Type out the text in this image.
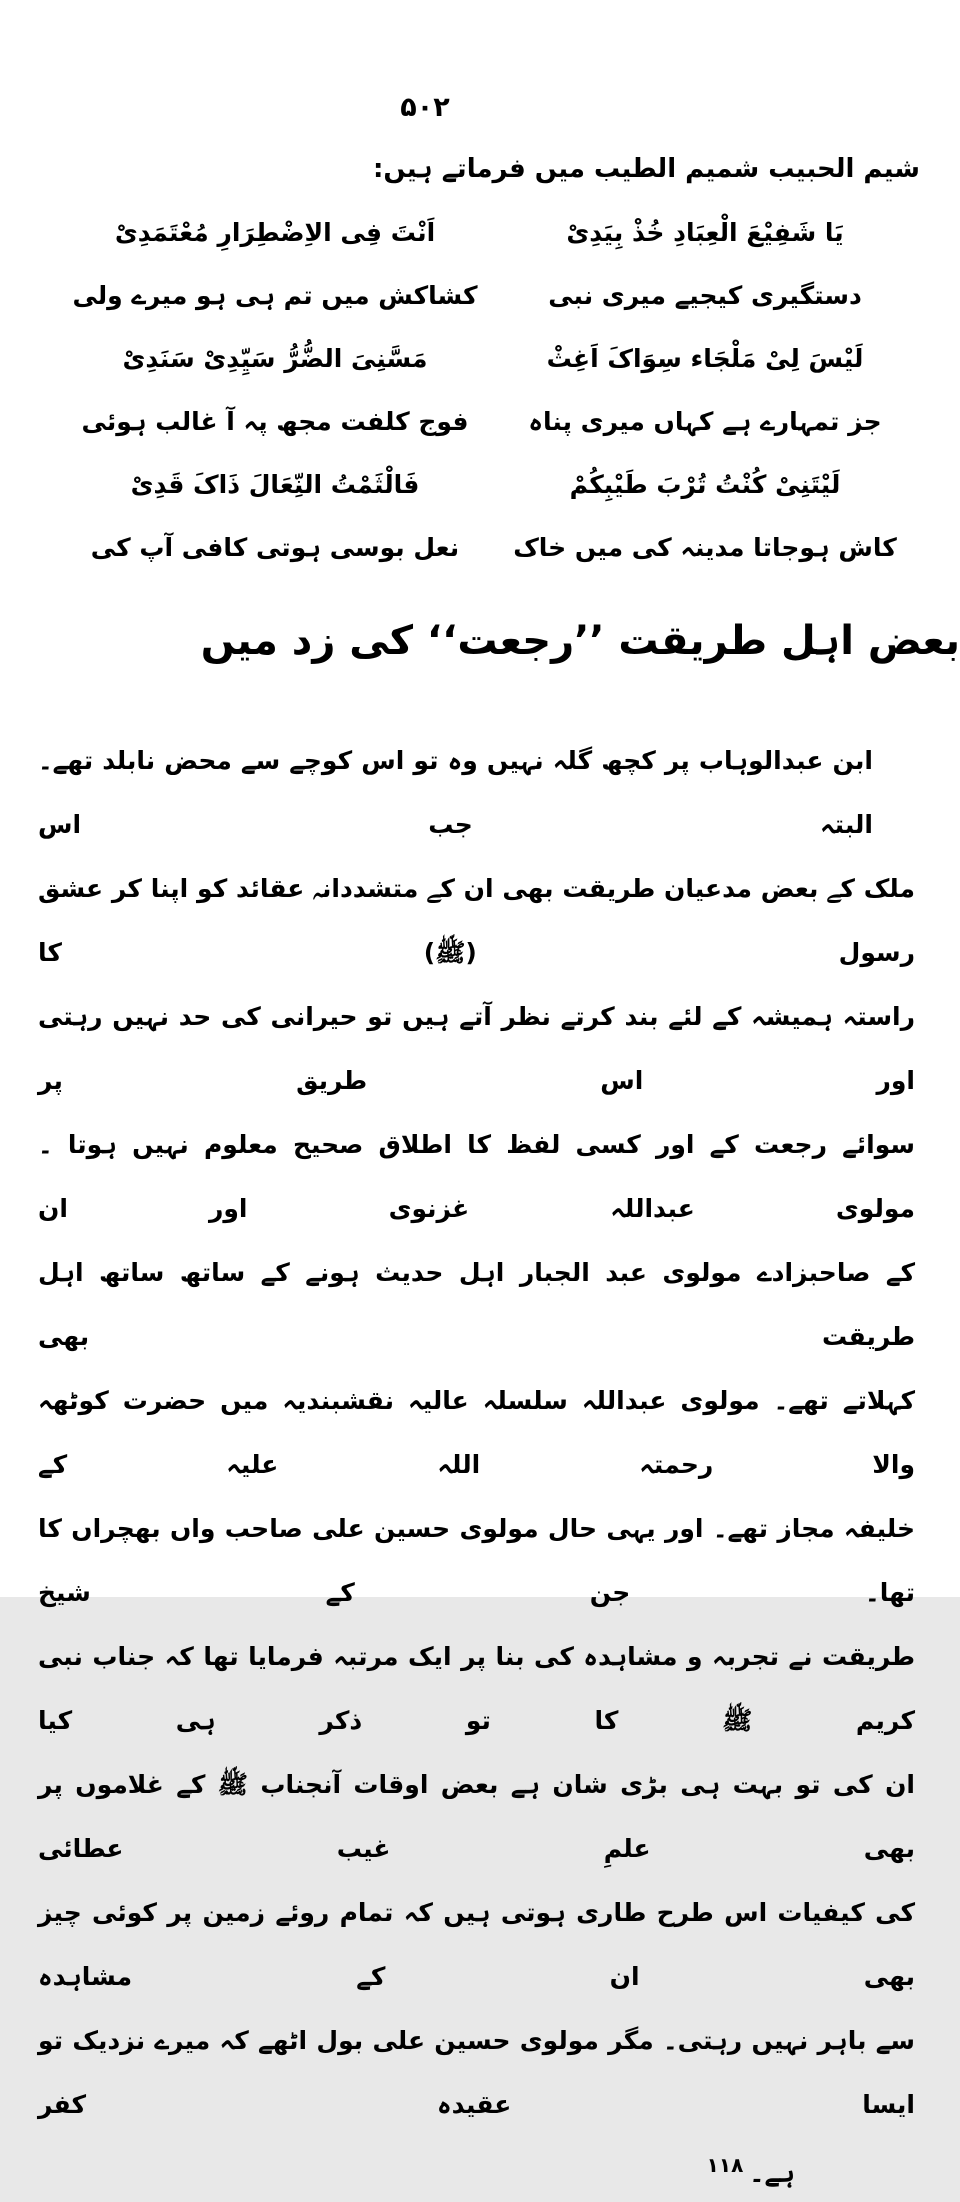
۵۰۲
شیم الحبیب شمیم الطیب میں فرماتے ہیں:
یَا شَفِیْعَ الْعِبَادِ خُذْ بِیَدِیْ
اَنْتَ فِی الاِضْطِرَارِ مُعْتَمَدِیْ
دستگیری کیجیے میری نبی
کشاکش میں تم ہی ہو میرے ولی
لَیْسَ لِیْ مَلْجَاء سِوَاکَ اَغِثْ
مَسَّنِیَ الضُّرُّ سَیِّدِیْ سَنَدِیْ
جز تمہارے ہے کہاں میری پناہ
فوج کلفت مجھ پہ آ غالب ہوئی
لَیْتَنِیْ کُنْتُ تُرْبَ طَیْبِکُمْ
فَالْثَمْتُ النِّعَالَ ذَاکَ قَدِیْ
کاش ہوجاتا مدینہ کی میں خاک
نعل بوسی ہوتی کافی آپ کی
بعض اہل طریقت ’’رجعت‘‘ کی زد میں
ابن عبدالوہاب پر کچھ گلہ نہیں وہ تو اس کوچے سے محض نابلد تھے۔ البتہ جب اس
ملک کے بعض مدعیان طریقت بھی ان کے متشددانہ عقائد کو اپنا کر عشق رسول (ﷺ) کا
راستہ ہمیشہ کے لئے بند کرتے نظر آتے ہیں تو حیرانی کی حد نہیں رہتی اور اس طریق پر
سوائے رجعت کے اور کسی لفظ کا اطلاق صحیح معلوم نہیں ہوتا ۔ مولوی عبداللہ غزنوی اور ان
کے صاحبزادے مولوی عبد الجبار اہل حدیث ہونے کے ساتھ ساتھ اہل طریقت بھی
کہلاتے تھے۔ مولوی عبداللہ سلسلہ عالیہ نقشبندیہ میں حضرت کوٹھہ والا رحمتہ اللہ علیہ کے
خلیفہ مجاز تھے۔ اور یہی حال مولوی حسین علی صاحب واں بھچراں کا تھا۔ جن کے شیخ
طریقت نے تجربہ و مشاہدہ کی بنا پر ایک مرتبہ فرمایا تھا کہ جناب نبی کریم ﷺ کا تو ذکر ہی کیا
ان کی تو بہت ہی بڑی شان ہے بعض اوقات آنجناب ﷺ کے غلاموں پر بھی علمِ غیب عطائی
کی کیفیات اس طرح طاری ہوتی ہیں کہ تمام روئے زمین پر کوئی چیز بھی ان کے مشاہدہ
سے باہر نہیں رہتی۔ مگر مولوی حسین علی بول اٹھے کہ میرے نزدیک تو ایسا عقیدہ کفر
ہے۔$^{۱۱۸}$
